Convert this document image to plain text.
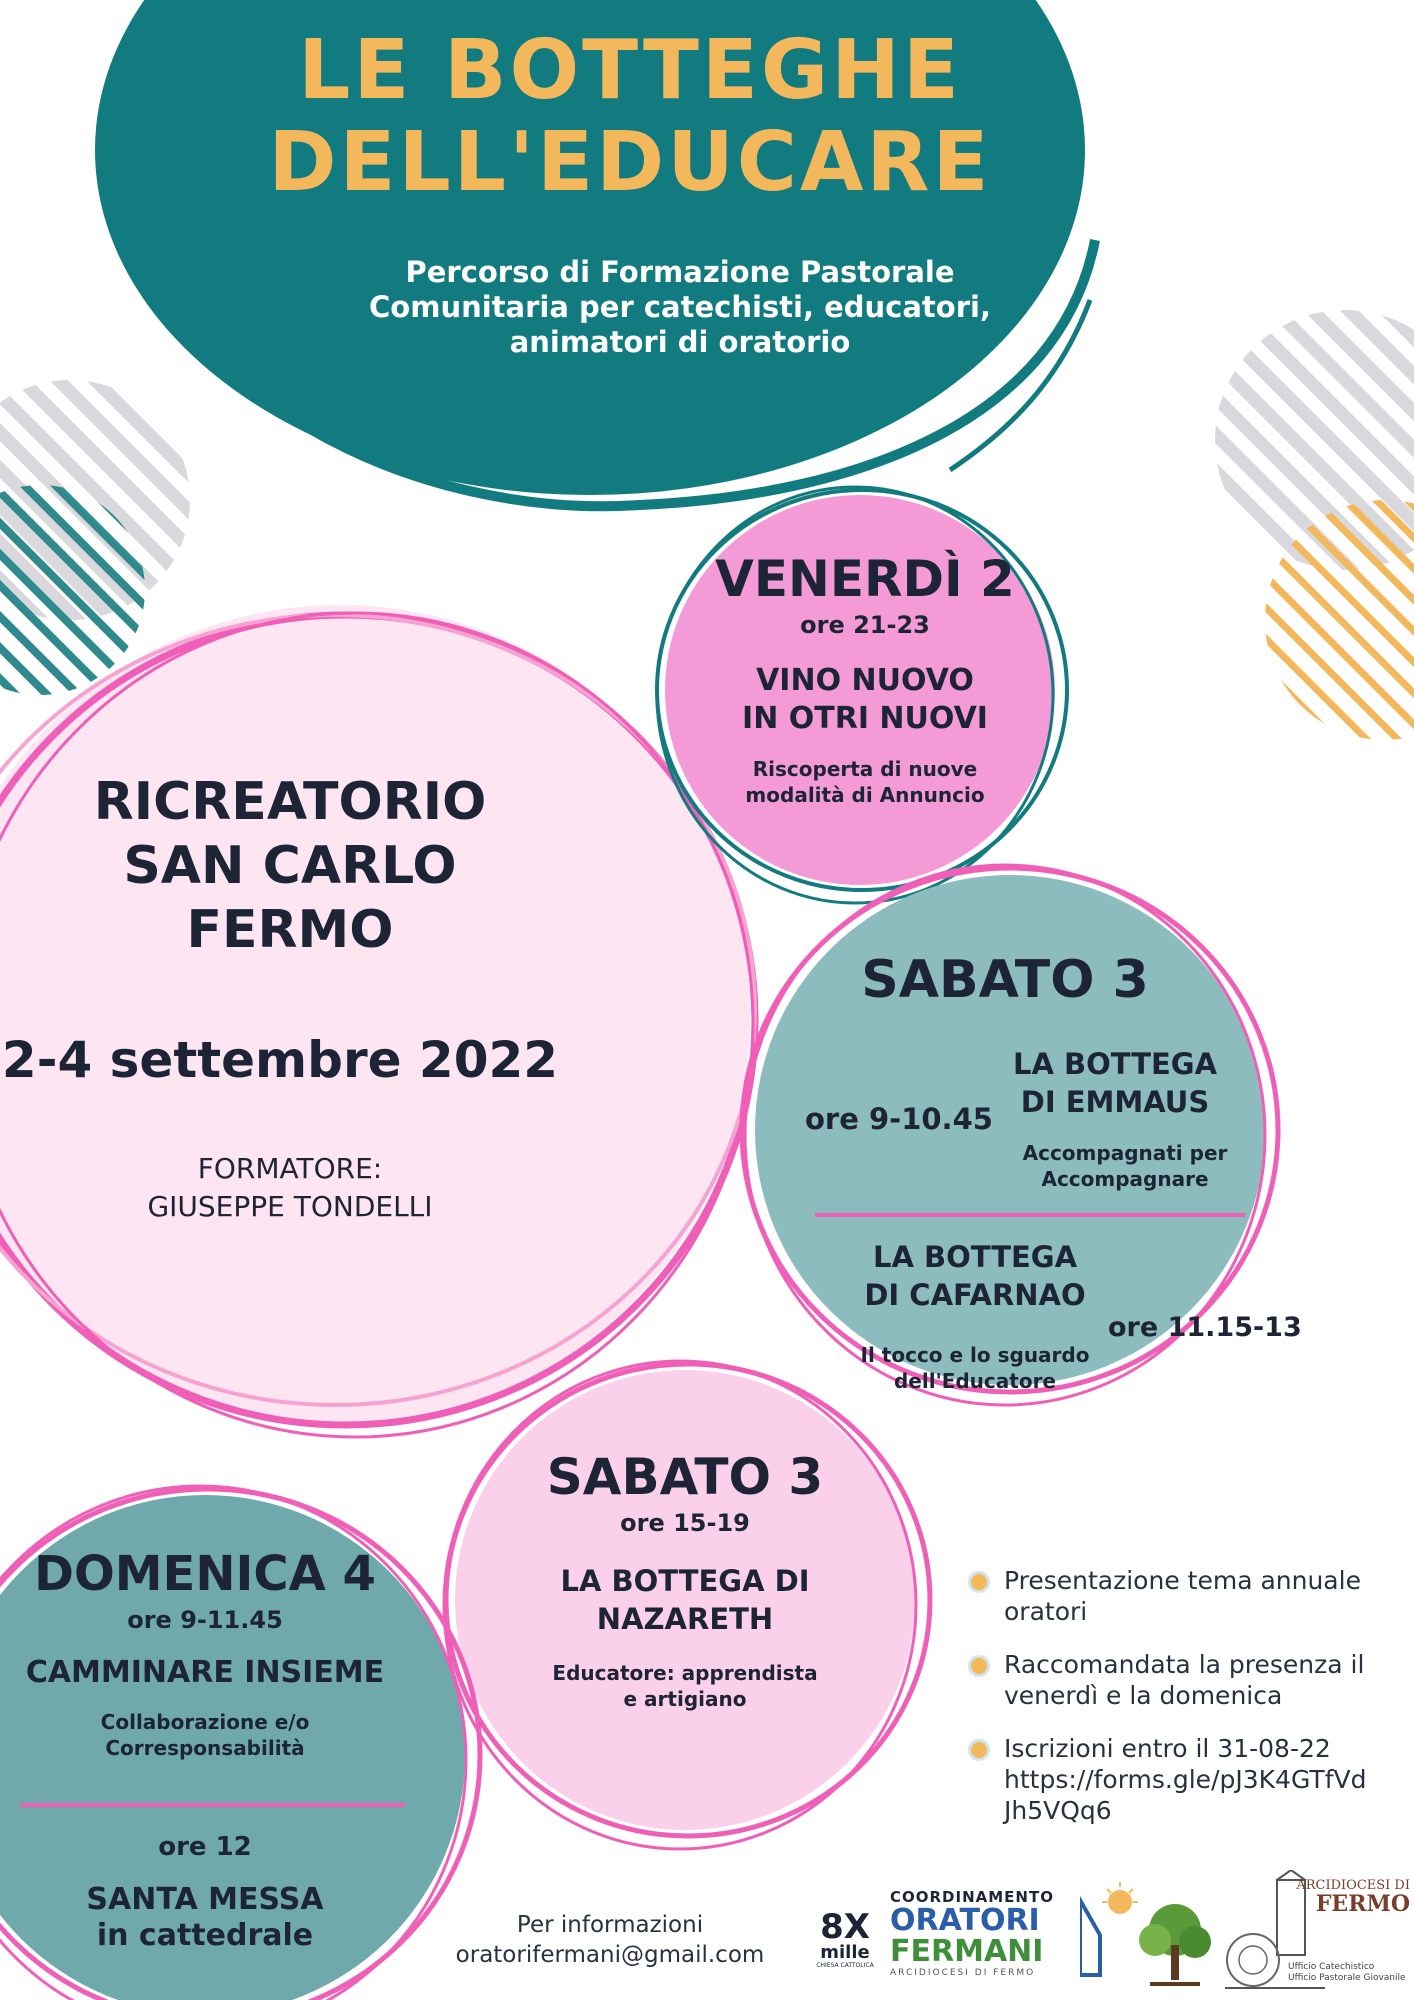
LE BOTTEGHE
DELL'EDUCARE
Percorso di Formazione Pastorale
Comunitaria per catechisti, educatori,
animatori di oratorio
RICREATORIO
SAN CARLO
FERMO
2-4 settembre 2022
FORMATORE:
GIUSEPPE TONDELLI
VENERDÌ 2
ore 21-23
VINO NUOVO
IN OTRI NUOVI
Riscoperta di nuove
modalità di Annuncio
SABATO 3
ore 9-10.45
LA BOTTEGA
DI EMMAUS
Accompagnati per
Accompagnare
LA BOTTEGA
DI CAFARNAO
ore 11.15-13
Il tocco e lo sguardo
dell'Educatore
SABATO 3
ore 15-19
LA BOTTEGA DI
NAZARETH
Educatore: apprendista
e artigiano
DOMENICA 4
ore 9-11.45
CAMMINARE INSIEME
Collaborazione e/o
Corresponsabilità
ore 12
SANTA MESSA
in cattedrale
Presentazione tema annuale
oratori
Raccomandata la presenza il
venerdì e la domenica
Iscrizioni entro il 31-08-22
https://forms.gle/pJ3K4GTfVd
Jh5VQq6
Per informazioni
oratorifermani@gmail.com
8X
mille
CHIESA CATTOLICA
COORDINAMENTO
ORATORI
FERMANI
ARCIDIOCESI DI FERMO
ARCIDIOCESI DI
FERMO
Ufficio Catechistico
Ufficio Pastorale Giovanile
